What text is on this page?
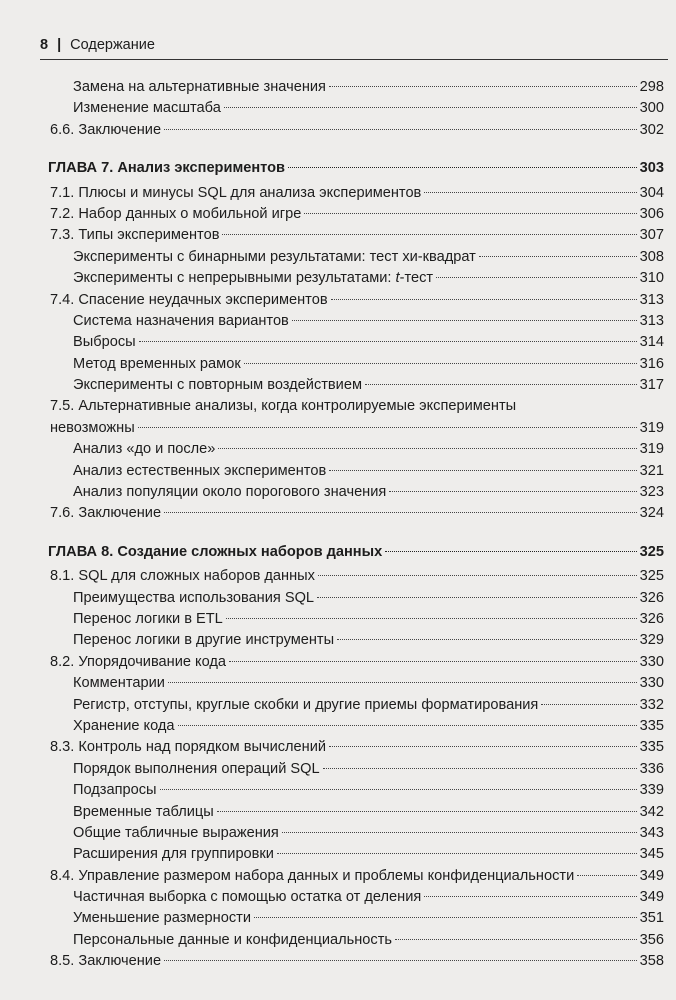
8 | Содержание
Замена на альтернативные значения	298
Изменение масштаба	300
6.6. Заключение	302
ГЛАВА 7. Анализ экспериментов	303
7.1. Плюсы и минусы SQL для анализа экспериментов	304
7.2. Набор данных о мобильной игре	306
7.3. Типы экспериментов	307
Эксперименты с бинарными результатами: тест хи-квадрат	308
Эксперименты с непрерывными результатами: t-тест	310
7.4. Спасение неудачных экспериментов	313
Система назначения вариантов	313
Выбросы	314
Метод временных рамок	316
Эксперименты с повторным воздействием	317
7.5. Альтернативные анализы, когда контролируемые эксперименты
невозможны	319
Анализ «до и после»	319
Анализ естественных экспериментов	321
Анализ популяции около порогового значения	323
7.6. Заключение	324
ГЛАВА 8. Создание сложных наборов данных	325
8.1. SQL для сложных наборов данных	325
Преимущества использования SQL	326
Перенос логики в ETL	326
Перенос логики в другие инструменты	329
8.2. Упорядочивание кода	330
Комментарии	330
Регистр, отступы, круглые скобки и другие приемы форматирования	332
Хранение кода	335
8.3. Контроль над порядком вычислений	335
Порядок выполнения операций SQL	336
Подзапросы	339
Временные таблицы	342
Общие табличные выражения	343
Расширения для группировки	345
8.4. Управление размером набора данных и проблемы конфиденциальности	349
Частичная выборка с помощью остатка от деления	349
Уменьшение размерности	351
Персональные данные и конфиденциальность	356
8.5. Заключение	358
